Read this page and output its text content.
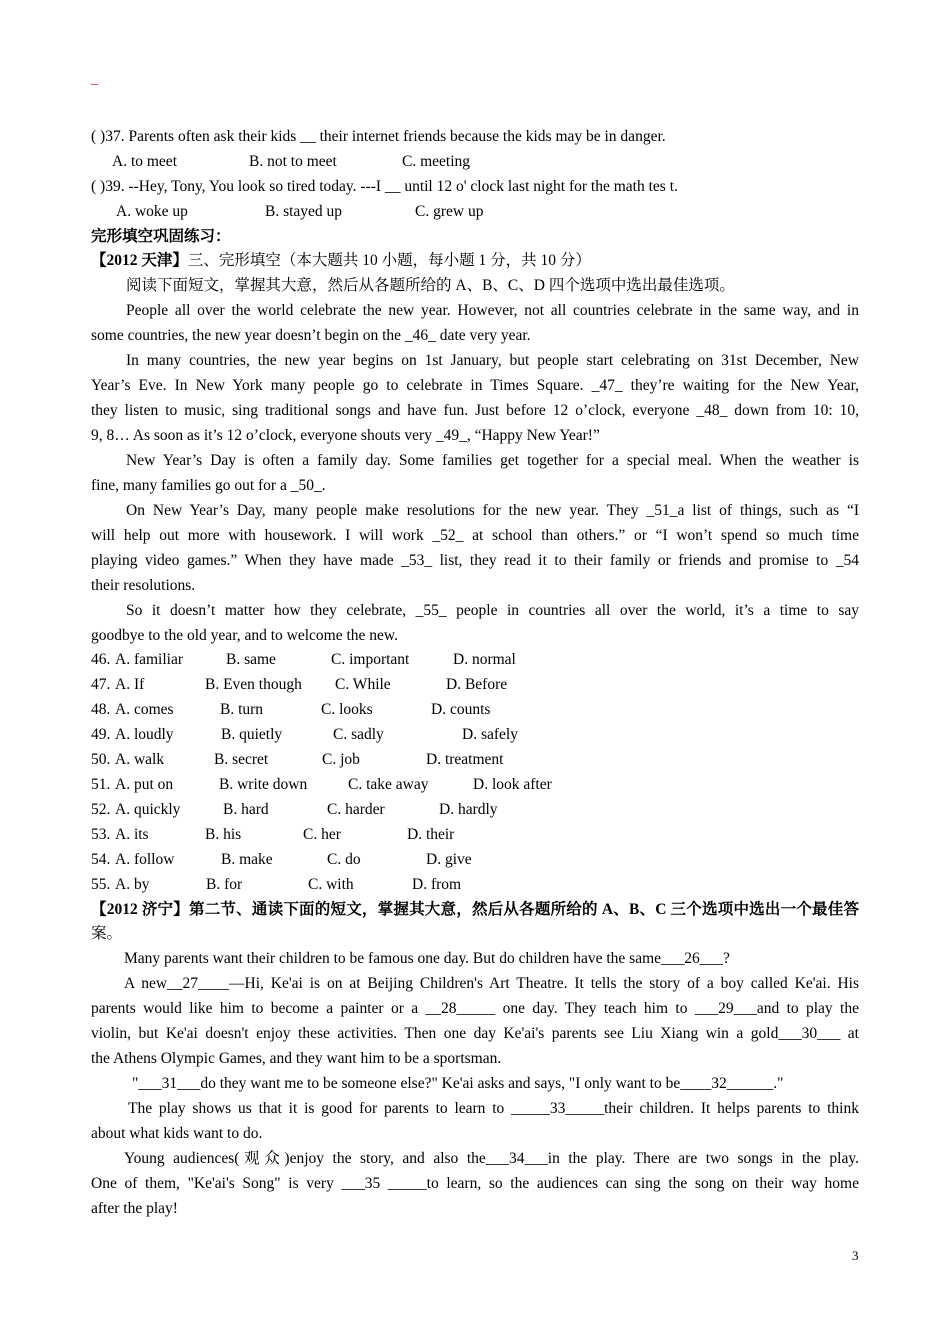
_
( )37. Parents often ask their kids __ their internet friends because the kids may be in danger.
A. to meet	B. not to meet	C. meeting
( )39. --Hey, Tony, You look so tired today. ---I __ until 12 o' clock last night for the math tes t.
A. woke up	B. stayed up	C. grew up
完形填空巩固练习：
【2012 天津】三、完形填空（本大题共 10 小题，每小题 1 分，共 10 分）
阅读下面短文，掌握其大意，然后从各题所给的 A、B、C、D 四个选项中选出最佳选项。
People all over the world celebrate the new year. However, not all countries celebrate in the same way, and in
some countries, the new year doesn’t begin on the _46_ date very year.
In many countries, the new year begins on 1st January, but people start celebrating on 31st December, New
Year’s Eve. In New York many people go to celebrate in Times Square. _47_ they’re waiting for the New Year,
they listen to music, sing traditional songs and have fun. Just before 12 o’clock, everyone _48_ down from 10: 10,
9, 8… As soon as it’s 12 o’clock, everyone shouts very _49_, “Happy New Year!”
New Year’s Day is often a family day. Some families get together for a special meal. When the weather is
fine, many families go out for a _50_.
On New Year’s Day, many people make resolutions for the new year. They _51_a list of things, such as “I
will help out more with housework. I will work _52_ at school than others.” or “I won’t spend so much time
playing video games.” When they have made _53_ list, they read it to their family or friends and promise to _54
their resolutions.
So it doesn’t matter how they celebrate, _55_ people in countries all over the world, it’s a time to say
goodbye to the old year, and to welcome the new.
46. A. familiar	B. same	C. important	D. normal
47. A. If	B. Even though C. While	D. Before
48. A. comes	B. turn	C. looks	D. counts
49. A. loudly	B. quietly	C. sadly	D. safely
50. A. walk	B. secret	C. job	D. treatment
51. A. put on	B. write down	C. take away	D. look after
52. A. quickly	B. hard	C. harder	D. hardly
53. A. its	B. his	C. her	D. their
54. A. follow	B. make	C. do	D. give
55. A. by	B. for	C. with	D. from
【2012 济宁】第二节、通读下面的短文，掌握其大意，然后从各题所给的 A、B、C 三个选项中选出一个最佳答
案。
Many parents want their children to be famous one day. But do children have the same___26___?
A new__27____—Hi, Ke'ai is on at Beijing Children's Art Theatre. It tells the story of a boy called Ke'ai. His
parents would like him to become a painter or a __28_____ one day. They teach him to ___29___and to play the
violin, but Ke'ai doesn't enjoy these activities. Then one day Ke'ai's parents see Liu Xiang win a gold___30___ at
the Athens Olympic Games, and they want him to be a sportsman.
"___31___do they want me to be someone else?" Ke'ai asks and says, "I only want to be____32______."
The play shows us that it is good for parents to learn to _____33_____their children. It helps parents to think
about what kids want to do.
Young audiences(观众)enjoy the story, and also the___34___in the play. There are two songs in the play.
One of them, "Ke'ai's Song" is very ___35 _____to learn, so the audiences can sing the song on their way home
after the play!
3
